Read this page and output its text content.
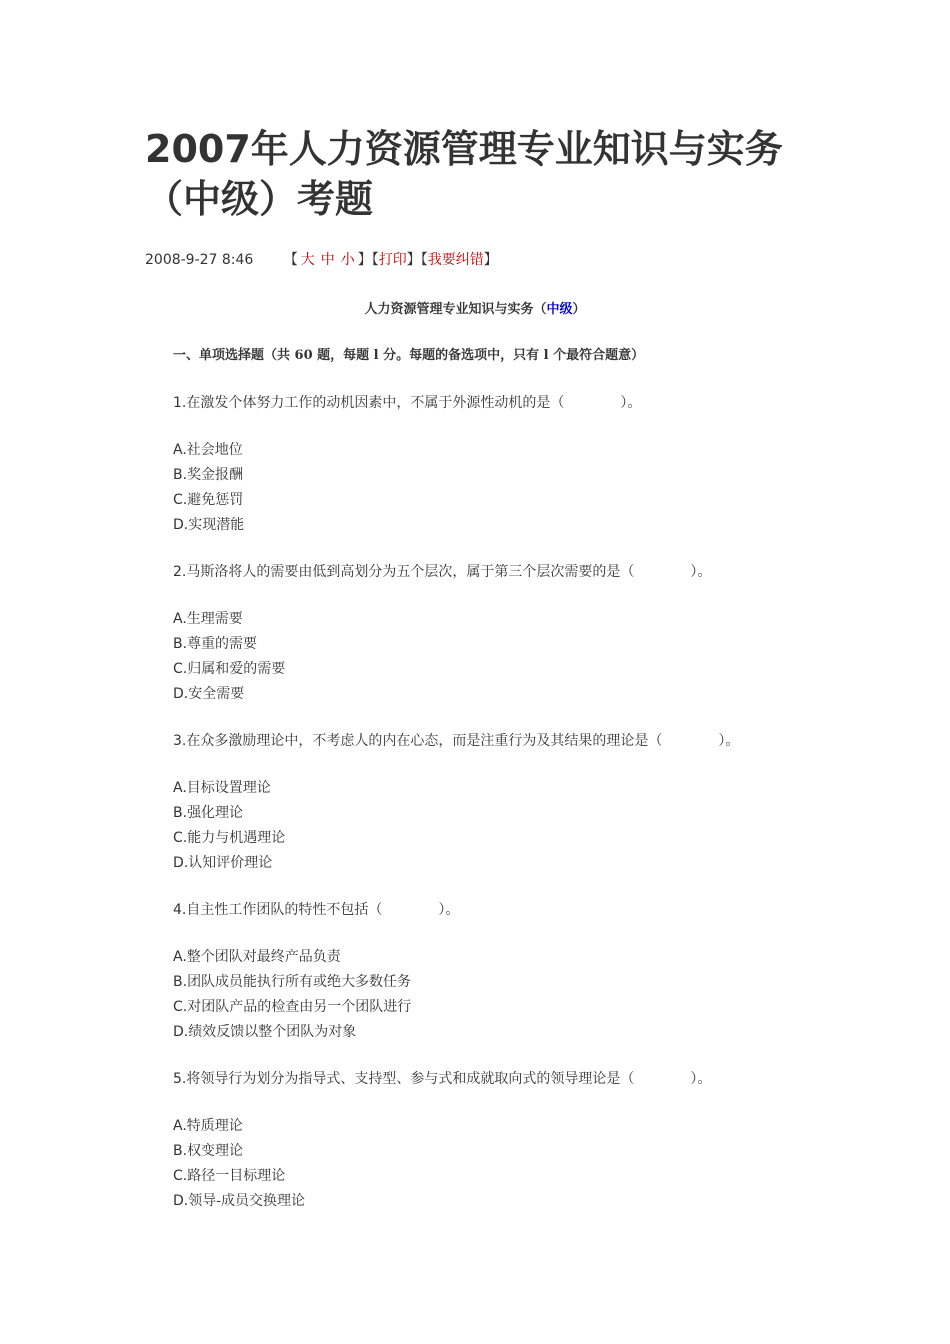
2007年人力资源管理专业知识与实务
（中级）考题
2008-9-27 8:46 【 大 中 小 】【打印】【我要纠错】
人力资源管理专业知识与实务（中级）
一、单项选择题（共 60 题，每题 l 分。每题的备选项中，只有 l 个最符合题意）
1.在激发个体努力工作的动机因素中，不属于外源性动机的是（　　　　）。
A.社会地位
B.奖金报酬
C.避免惩罚
D.实现潜能
2.马斯洛将人的需要由低到高划分为五个层次，属于第三个层次需要的是（　　　　）。
A.生理需要
B.尊重的需要
C.归属和爱的需要
D.安全需要
3.在众多激励理论中，不考虑人的内在心态，而是注重行为及其结果的理论是（　　　　）。
A.目标设置理论
B.强化理论
C.能力与机遇理论
D.认知评价理论
4.自主性工作团队的特性不包括（　　　　）。
A.整个团队对最终产品负责
B.团队成员能执行所有或绝大多数任务
C.对团队产品的检查由另一个团队进行
D.绩效反馈以整个团队为对象
5.将领导行为划分为指导式、支持型、参与式和成就取向式的领导理论是（　　　　）。
A.特质理论
B.权变理论
C.路径一目标理论
D.领导-成员交换理论
